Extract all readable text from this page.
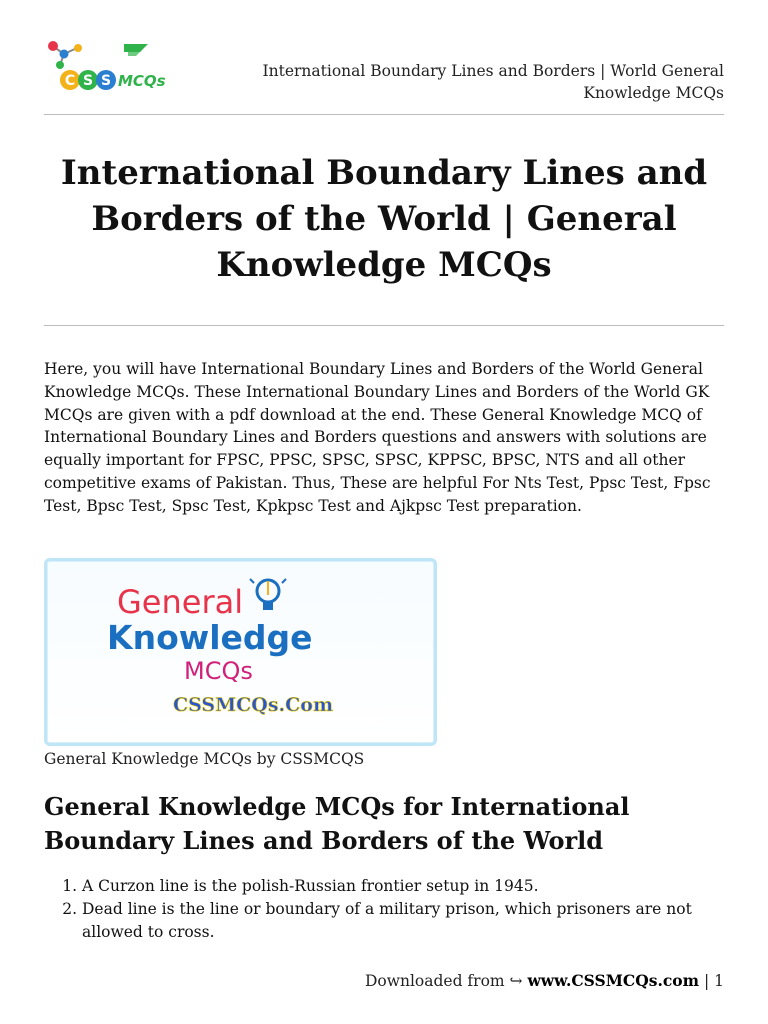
C S S MCQs
International Boundary Lines and Borders | World General Knowledge MCQs
International Boundary Lines and Borders of the World | General Knowledge MCQs

Here, you will have International Boundary Lines and Borders of the World General Knowledge MCQs. These International Boundary Lines and Borders of the World GK MCQs are given with a pdf download at the end. These General Knowledge MCQ of International Boundary Lines and Borders questions and answers with solutions are equally important for FPSC, PPSC, SPSC, SPSC, KPPSC, BPSC, NTS and all other competitive exams of Pakistan. Thus, These are helpful For Nts Test, Ppsc Test, Fpsc Test, Bpsc Test, Spsc Test, Kpkpsc Test and Ajkpsc Test preparation.

General
Knowledge
MCQs
CSSMCQs.Com
General Knowledge MCQs by CSSMCQS
General Knowledge MCQs for International Boundary Lines and Borders of the World
1. A Curzon line is the polish-Russian frontier setup in 1945.
2. Dead line is the line or boundary of a military prison, which prisoners are not allowed to cross.
Downloaded from ↪ www.CSSMCQs.com | 1
